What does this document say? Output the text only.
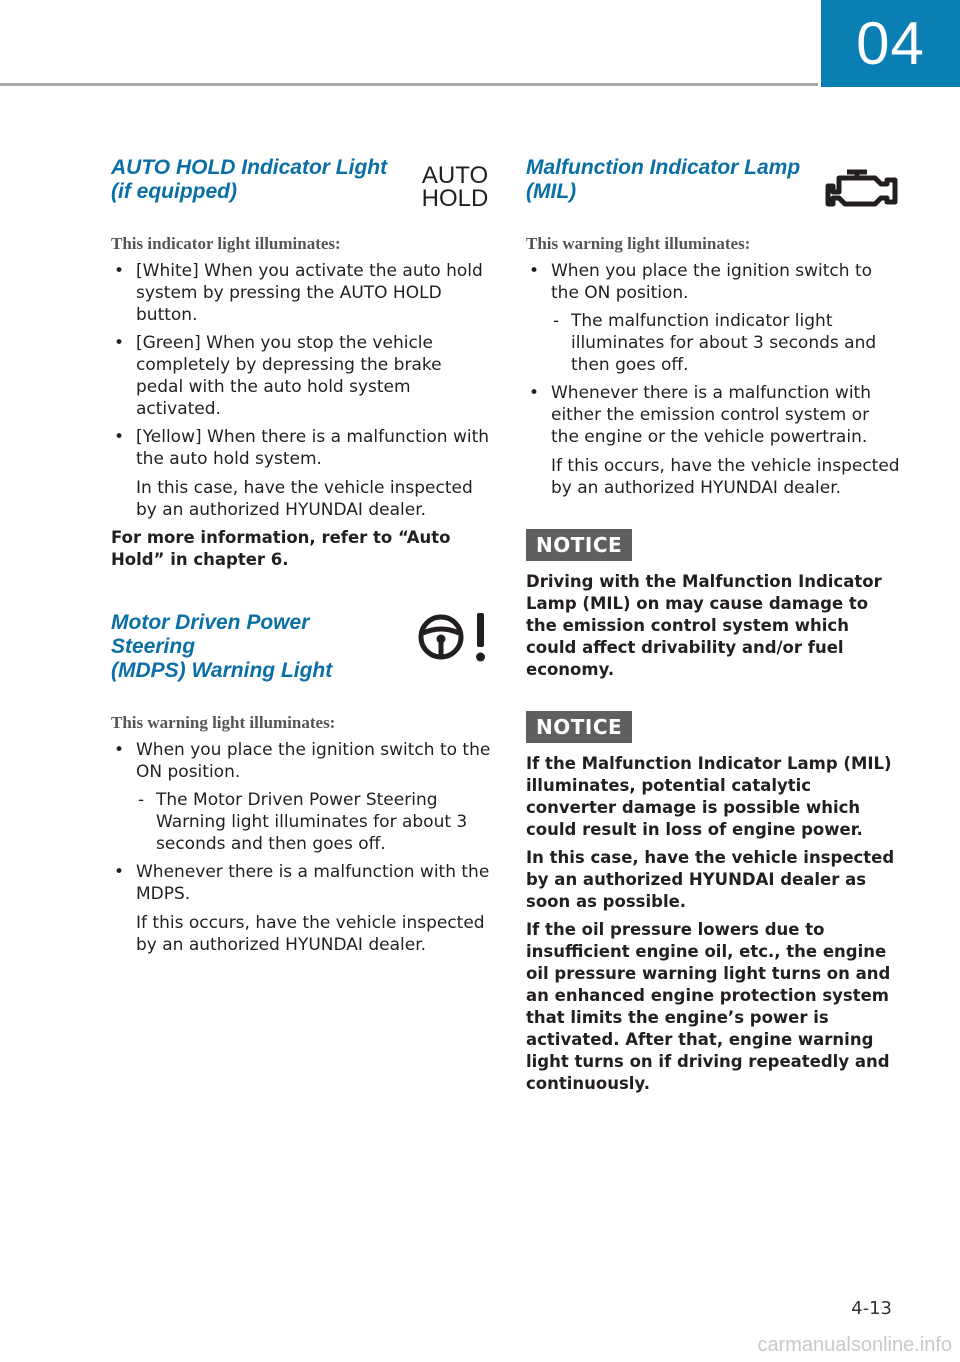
04
AUTO HOLD Indicator Light
(if equipped)
AUTO
HOLD

This indicator light illuminates:

• [White] When you activate the auto hold system by pressing the AUTO HOLD button.
• [Green] When you stop the vehicle completely by depressing the brake pedal with the auto hold system activated.
• [Yellow] When there is a malfunction with the auto hold system.
In this case, have the vehicle inspected by an authorized HYUNDAI dealer.

For more information, refer to “Auto
Hold” in chapter 6.

Motor Driven Power Steering
(MDPS) Warning Light

This warning light illuminates:

• When you place the ignition switch to the ON position.
- The Motor Driven Power Steering Warning light illuminates for about 3 seconds and then goes off.
• Whenever there is a malfunction with the MDPS.
If this occurs, have the vehicle inspected by an authorized HYUNDAI dealer.
Malfunction Indicator Lamp
(MIL)

This warning light illuminates:

• When you place the ignition switch to the ON position.
- The malfunction indicator light illuminates for about 3 seconds and then goes off.
• Whenever there is a malfunction with either the emission control system or the engine or the vehicle powertrain.
If this occurs, have the vehicle inspected by an authorized HYUNDAI dealer.
NOTICE

Driving with the Malfunction Indicator Lamp (MIL) on may cause damage to the emission control system which could affect drivability and/or fuel economy.

NOTICE

If the Malfunction Indicator Lamp (MIL) illuminates, potential catalytic converter damage is possible which could result in loss of engine power.

In this case, have the vehicle inspected by an authorized HYUNDAI dealer as soon as possible.

If the oil pressure lowers due to insufficient engine oil, etc., the engine oil pressure warning light turns on and an enhanced engine protection system that limits the engine’s power is activated. After that, engine warning light turns on if driving repeatedly and continuously.

4-13
carmanualsonline.info
